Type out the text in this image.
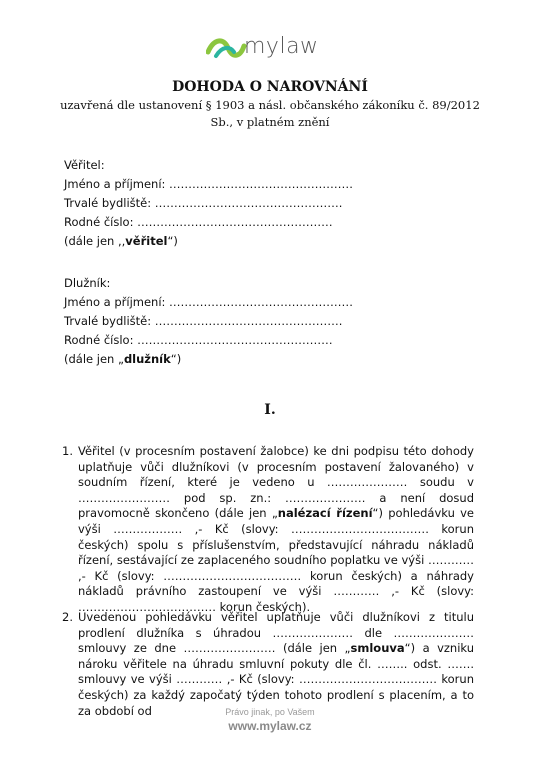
mylaw
DOHODA O NAROVNÁNÍ
uzavřená dle ustanovení § 1903 a násl. občanského zákoníku č. 89/2012
Sb., v platném znění
Věřitel:
Jméno a příjmení: …………………………………………
Trvalé bydliště: ………………………………………….
Rodné číslo: ……………………………………………
(dále jen ,,věřitel“)
Dlužník:
Jméno a příjmení: …………………………………………
Trvalé bydliště: ………………………………………….
Rodné číslo: ……………………………………………
(dále jen „dlužník“)
I.
1. Věřitel (v procesním postavení žalobce) ke dni podpisu této dohody uplatňuje vůči dlužníkovi (v procesním postavení žalovaného) v soudním řízení, které je vedeno u ………………… soudu v …………………… pod sp. zn.: ………………… a není dosud pravomocně skončeno (dále jen „nalézací řízení“) pohledávku ve výši ……………… ,- Kč (slovy: ……………………………… korun českých) spolu s příslušenstvím, představující náhradu nákladů řízení, sestávající ze zaplaceného soudního poplatku ve výši ………… ,- Kč (slovy: ……………………………… korun českých) a náhrady nákladů právního zastoupení ve výši ………… ,- Kč (slovy: ……………………………… korun českých).
2. Uvedenou pohledávku věřitel uplatňuje vůči dlužníkovi z titulu prodlení dlužníka s úhradou ………………… dle ………………… smlouvy ze dne …………………… (dále jen „smlouva“) a vzniku nároku věřitele na úhradu smluvní pokuty dle čl. …….. odst. ……. smlouvy ve výši ………… ,- Kč (slovy: ……………………………… korun českých) za každý započatý týden tohoto prodlení s placením, a to za období od	Právo jinak, po Vašem
www.mylaw.cz
